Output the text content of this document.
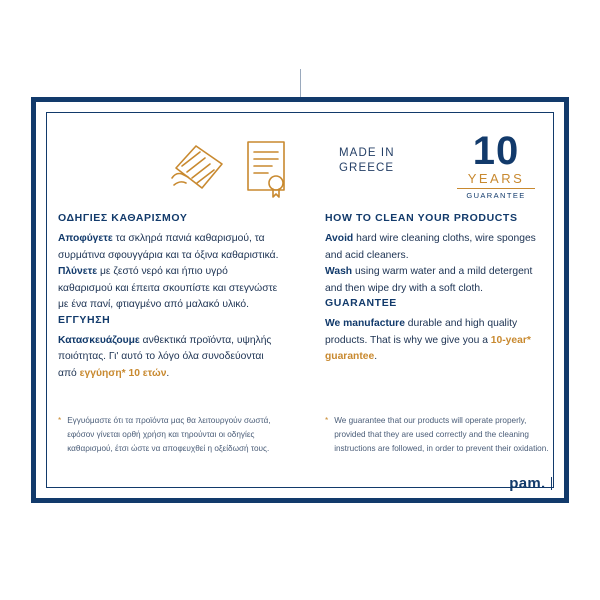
ΟΔΗΓΙΕΣ ΚΑΘΑΡΙΣΜΟΥ

Αποφύγετε τα σκληρά πανιά καθαρισμού, τα συρμάτινα σφουγγάρια και τα όξινα καθαριστικά.

Πλύνετε με ζεστό νερό και ήπιο υγρό καθαρισμού και έπειτα σκουπίστε και στεγνώστε με ένα πανί, φτιαγμένο από μαλακό υλικό.

ΕΓΓΥΗΣΗ

Κατασκευάζουμε ανθεκτικά προϊόντα, υψηλής ποιότητας. Γι' αυτό το λόγο όλα συνοδεύονται από εγγύηση* 10 ετών.

* Εγγυόμαστε ότι τα προϊόντα μας θα λειτουργούν σωστά, εφόσον γίνεται ορθή χρήση και τηρούνται οι οδηγίες καθαρισμού, έτσι ώστε να αποφευχθεί η οξείδωσή τους.
MADE IN
GREECE	10
YEARS
GUARANTEE
HOW TO CLEAN YOUR PRODUCTS

Avoid hard wire cleaning cloths, wire sponges and acid cleaners.

Wash using warm water and a mild detergent and then wipe dry with a soft cloth.

GUARANTEE

We manufacture durable and high quality products. That is why we give you a 10-year* guarantee.

* We guarantee that our products will operate properly, provided that they are used correctly and the cleaning instructions are followed, in order to prevent their oxidation.
pam.
